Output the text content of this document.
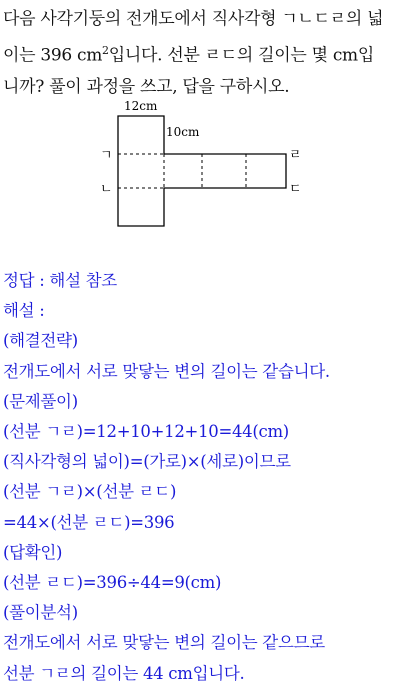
다음 사각기둥의 전개도에서 직사각형 ㄱㄴㄷㄹ의 넓

이는 396 $cm^2$입니다. 선분 ㄹㄷ의 길이는 몇 cm입

니까? 풀이 과정을 쓰고, 답을 구하시오.

12cm
10cm
ㄱ
ㄴ
ㄹ
ㄷ

정답 : 해설 참조

해설 :

(해결전략)

전개도에서 서로 맞닿는 변의 길이는 같습니다.

(문제풀이)

(선분 ㄱㄹ)=12+10+12+10=44(cm)

(직사각형의 넓이)=(가로)×(세로)이므로

(선분 ㄱㄹ)×(선분 ㄹㄷ)

=44×(선분 ㄹㄷ)=396

(답확인)

(선분 ㄹㄷ)=396÷44=9(cm)

(풀이분석)

전개도에서 서로 맞닿는 변의 길이는 같으므로

선분 ㄱㄹ의 길이는 44 cm입니다.
